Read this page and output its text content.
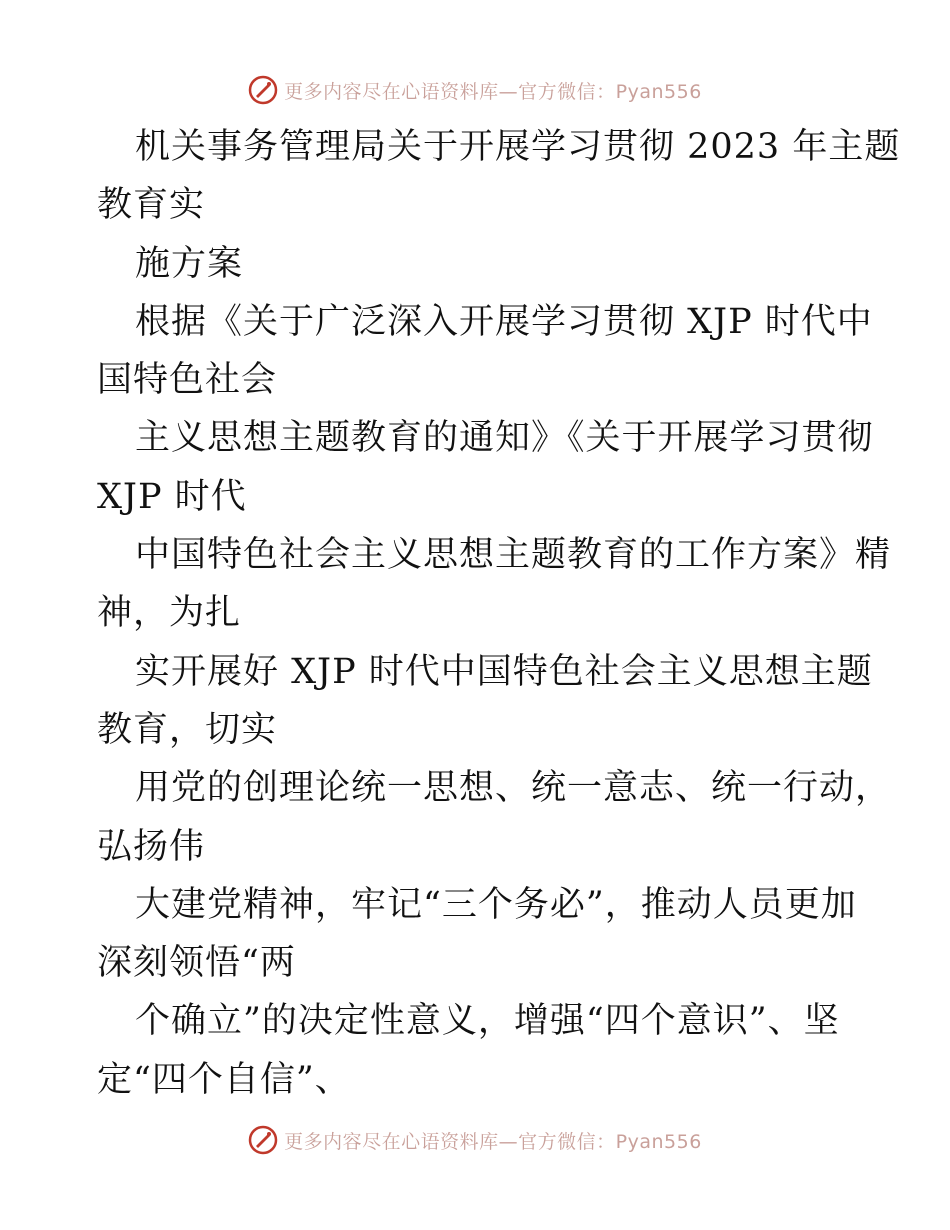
更多内容尽在心语资料库—官方微信：Pyan556
机关事务管理局关于开展学习贯彻 2023 年主题
教育实
施方案
根据《关于广泛深入开展学习贯彻 XJP 时代中
国特色社会
主义思想主题教育的通知》《关于开展学习贯彻
XJP 时代
中国特色社会主义思想主题教育的工作方案》精
神，为扎
实开展好 XJP 时代中国特色社会主义思想主题
教育，切实
用党的创理论统一思想、统一意志、统一行动，
弘扬伟
大建党精神，牢记“三个务必”，推动人员更加
深刻领悟“两
个确立”的决定性意义，增强“四个意识”、坚
定“四个自信”、
更多内容尽在心语资料库—官方微信：Pyan556
